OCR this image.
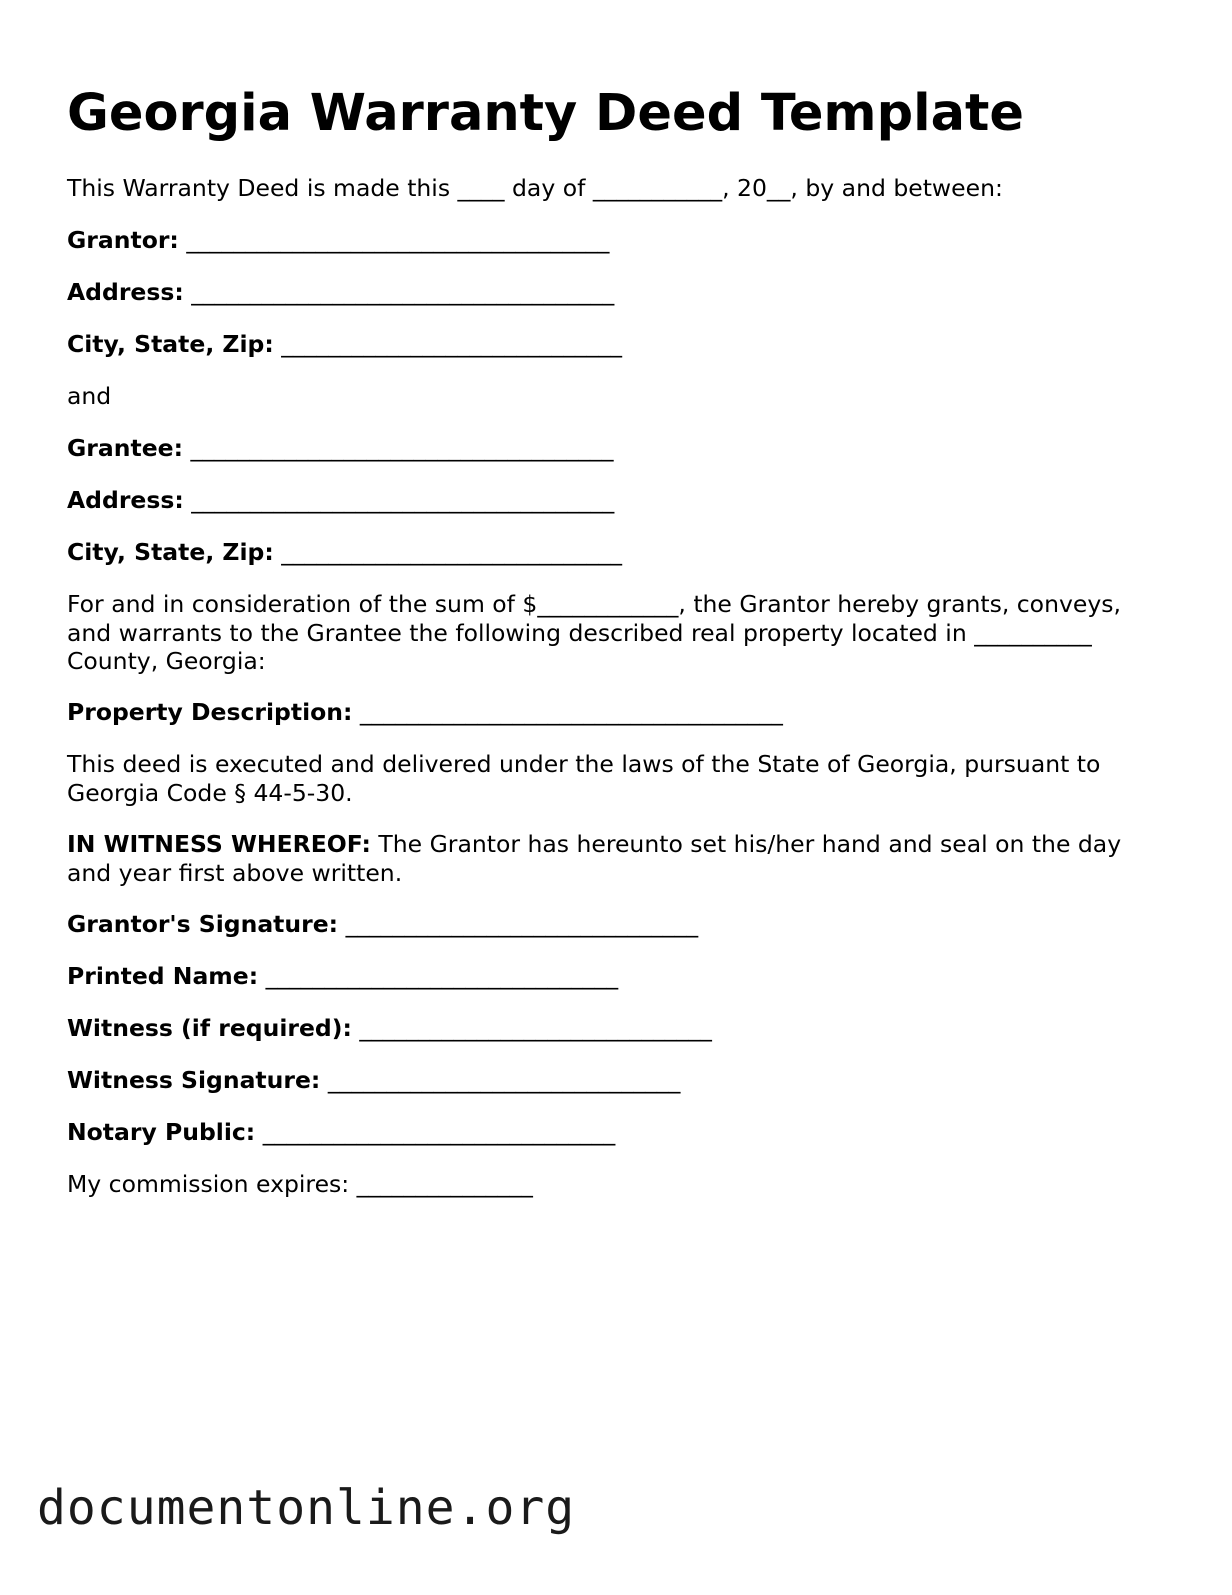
Georgia Warranty Deed Template

This Warranty Deed is made this ____ day of ___________, 20__, by and between:

Grantor: ____________________________________

Address: ____________________________________

City, State, Zip: _____________________________

and

Grantee: ____________________________________

Address: ____________________________________

City, State, Zip: _____________________________

For and in consideration of the sum of $____________, the Grantor hereby grants, conveys, and warrants to the Grantee the following described real property located in __________ County, Georgia:

Property Description: ____________________________________

This deed is executed and delivered under the laws of the State of Georgia, pursuant to Georgia Code § 44-5-30.

IN WITNESS WHEREOF: The Grantor has hereunto set his/her hand and seal on the day and year first above written.

Grantor's Signature: ______________________________

Printed Name: ______________________________

Witness (if required): ______________________________

Witness Signature: ______________________________

Notary Public: ______________________________

My commission expires: _______________

documentonline.org
